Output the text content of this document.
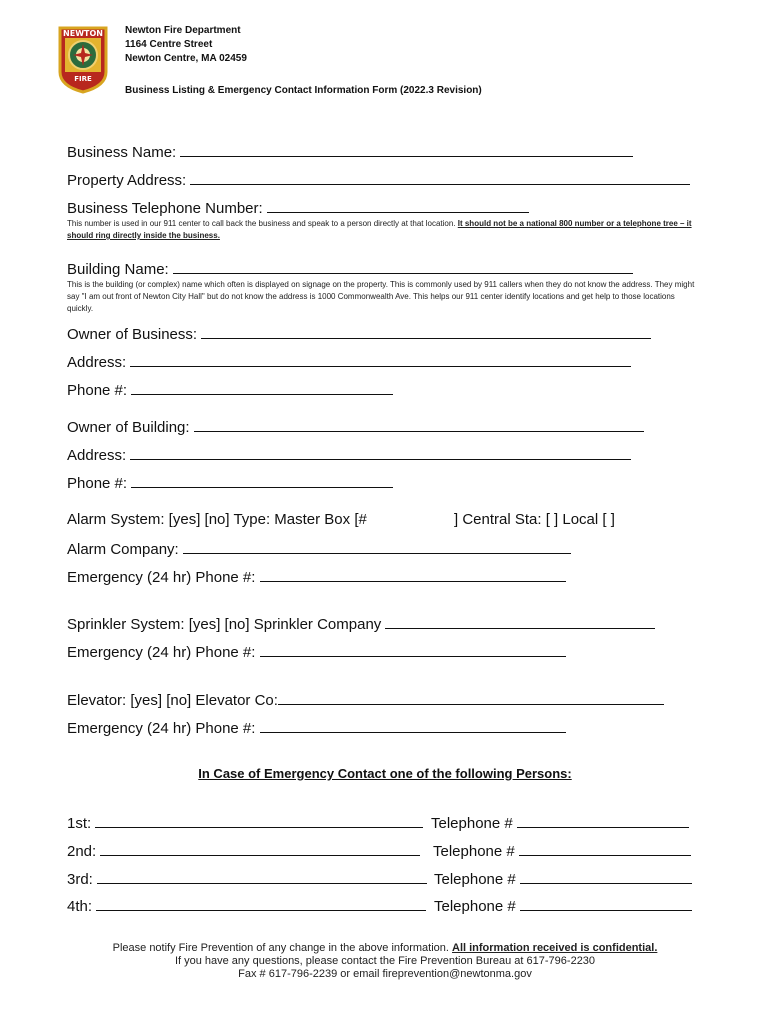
NEWTON
FIRE
Newton Fire Department
1164 Centre Street
Newton Centre, MA 02459
Business Listing & Emergency Contact Information Form (2022.3 Revision)
Business Name:
Property Address:
Business Telephone Number:
This number is used in our 911 center to call back the business and speak to a person directly at that location. It should not be a national 800 number or a telephone tree – it should ring directly inside the business.
Building Name:
This is the building (or complex) name which often is displayed on signage on the property. This is commonly used by 911 callers when they do not know the address. They might say "I am out front of Newton City Hall" but do not know the address is 1000 Commonwealth Ave. This helps our 911 center identify locations and get help to those locations quickly.
Owner of Business:
Address:
Phone #:
Owner of Building:
Address:
Phone #:
Alarm System: [yes] [no] Type: Master Box [#	] Central Sta: [ ] Local [ ]
Alarm Company:
Emergency (24 hr) Phone #:
Sprinkler System: [yes] [no] Sprinkler Company
Emergency (24 hr) Phone #:
Elevator: [yes] [no] Elevator Co:
Emergency (24 hr) Phone #:
In Case of Emergency Contact one of the following Persons:
1st:	Telephone #
2nd:	Telephone #
3rd:	Telephone #
4th:	Telephone #
Please notify Fire Prevention of any change in the above information. All information received is confidential.
If you have any questions, please contact the Fire Prevention Bureau at 617-796-2230
Fax # 617-796-2239 or email fireprevention@newtonma.gov
